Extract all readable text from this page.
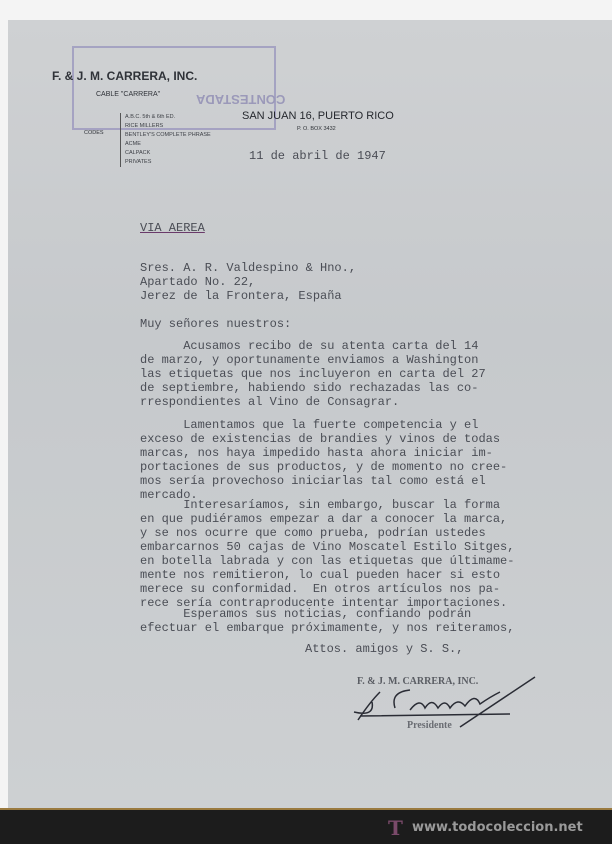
CONTESTADA
F. & J. M. CARRERA, INC.
CABLE "CARRERA"
CODES
A.B.C. 5th & 6th ED.
RICE MILLERS
BENTLEY'S COMPLETE PHRASE
ACME
CALPACK
PRIVATES
SAN JUAN 16, PUERTO RICO
P. O. BOX 3432
11 de abril de 1947
VIA AEREA
Sres. A. R. Valdespino & Hno.,
Apartado No. 22,
Jerez de la Frontera, España
Muy señores nuestros:
Acusamos recibo de su atenta carta del 14
de marzo, y oportunamente enviamos a Washington
las etiquetas que nos incluyeron en carta del 27
de septiembre, habiendo sido rechazadas las co-
rrespondientes al Vino de Consagrar.
Lamentamos que la fuerte competencia y el
exceso de existencias de brandies y vinos de todas
marcas, nos haya impedido hasta ahora iniciar im-
portaciones de sus productos, y de momento no cree-
mos sería provechoso iniciarlas tal como está el
mercado.
Interesaríamos, sin embargo, buscar la forma
en que pudiéramos empezar a dar a conocer la marca,
y se nos ocurre que como prueba, podrían ustedes
embarcarnos 50 cajas de Vino Moscatel Estilo Sitges,
en botella labrada y con las etiquetas que últimame-
mente nos remitieron, lo cual pueden hacer si esto
merece su conformidad.  En otros artículos nos pa-
rece sería contraproducente intentar importaciones.
Esperamos sus noticias, confiando podrán
efectuar el embarque próximamente, y nos reiteramos,
Attos. amigos y S. S.,
F. & J. M. CARRERA, INC.
Presidente
T www.todocoleccion.net
